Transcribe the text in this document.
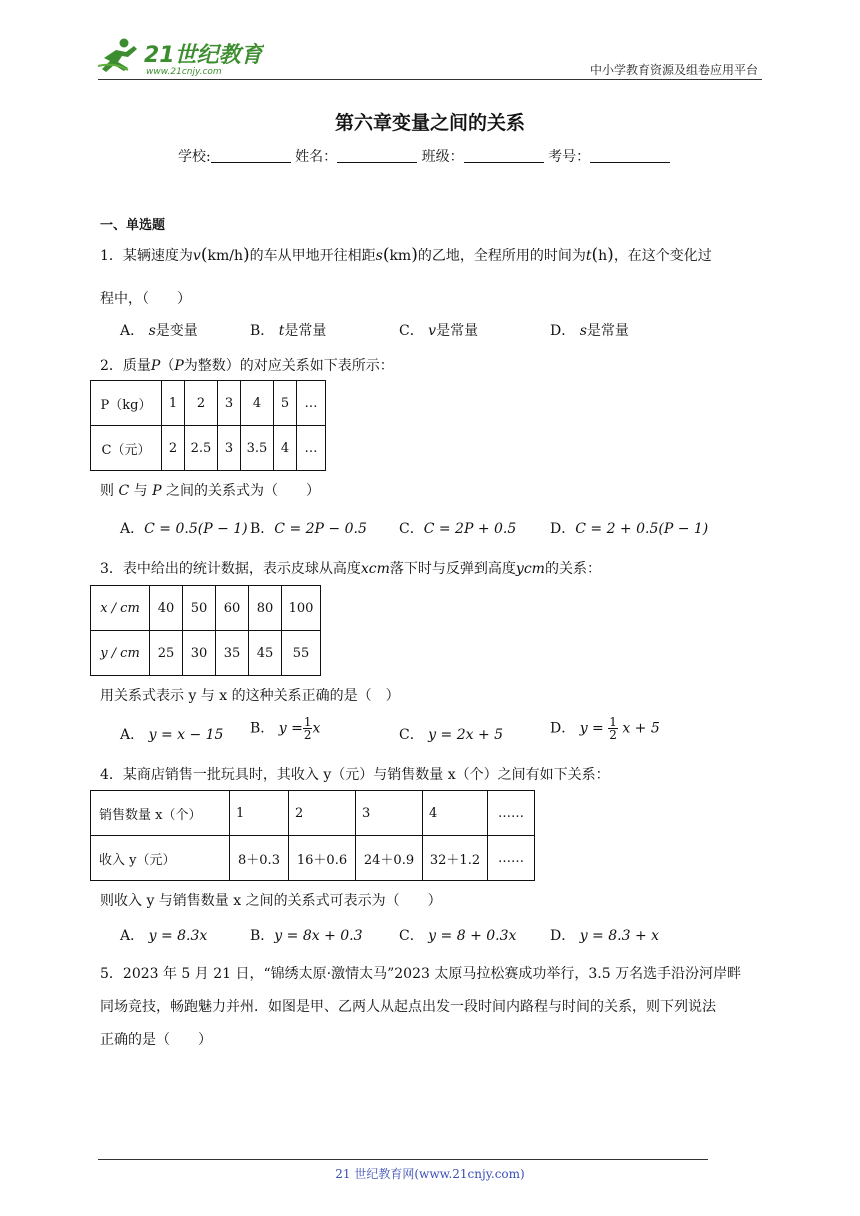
21世纪教育
www.21cnjy.com	中小学教育资源及组卷应用平台
第六章变量之间的关系
学校:	姓名：	班级：	考号：
一、单选题
1．某辆速度为v(km/h)的车从甲地开往相距s(km)的乙地，全程所用的时间为t(h)，在这个变化过
程中，（　　）
A． s是变量	B． t是常量	C． v是常量	D． s是常量
2．质量P（P为整数）的对应关系如下表所示：
P（kg）	1	2	3	4	5	…
C（元）	2	2.5	3	3.5	4	…
则 C 与 P 之间的关系式为（　　）
A．C = 0.5(P − 1) B．C = 2P − 0.5 C．C = 2P + 0.5 D．C = 2 + 0.5(P − 1)
3．表中给出的统计数据，表示皮球从高度xcm落下时与反弹到高度ycm的关系：
x / cm	40	50	60	80	100
y / cm	25	30	35	45	55
用关系式表示 y 与 x 的这种关系正确的是（　）
A． y = x − 15 B． $y = \frac{1}{2}$ x	C． y = 2x + 5	D． $y = \frac{1}{2}$ x + 5
4．某商店销售一批玩具时，其收入 y（元）与销售数量 x（个）之间有如下关系：
销售数量 x（个）	1	2	3	4	……
收入 y（元）	8＋0.3	16＋0.6	24＋0.9	32＋1.2	……
则收入 y 与销售数量 x 之间的关系式可表示为（　　）
A． y = 8.3x	B．y = 8x + 0.3	C． y = 8 + 0.3x D． y = 8.3 + x
5．2023 年 5 月 21 日，“锦绣太原·激情太马”2023 太原马拉松赛成功举行，3.5 万名选手沿汾河岸畔
同场竞技，畅跑魅力并州．如图是甲、乙两人从起点出发一段时间内路程与时间的关系，则下列说法
正确的是（　　）
21 世纪教育网(www.21cnjy.com)
